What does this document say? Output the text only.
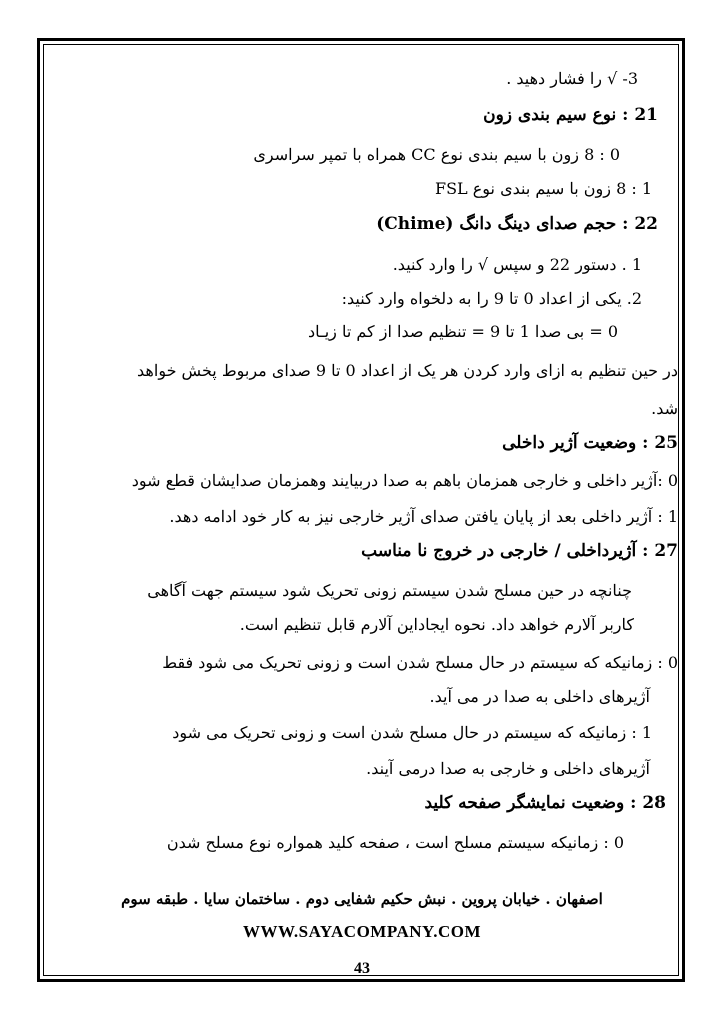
3- √ را فشار دهید .
21 : نوع سیم بندی زون
0 : 8 زون با سیم بندی نوع CC همراه با تمپر سراسری
1 : 8 زون با سیم بندی نوع FSL
22 : حجم صدای دینگ دانگ (Chime)
1 . دستور 22 و سپس √ را وارد کنید.
2. یکی از اعداد 0 تا 9 را به دلخواه وارد کنید:
0 = بی صدا 1 تا 9 = تنظیم صدا از کم تا زیـاد
در حین تنظیم به ازای وارد کردن هر یک از اعداد 0 تا 9 صدای مربوط پخش خواهد
شد.
25 : وضعیت آژیر داخلی
0 :آژیر داخلی و خارجی همزمان باهم به صدا دربیایند وهمزمان صدایشان قطع شود
1 : آژیر داخلی بعد از پایان یافتن صدای آژیر خارجی نیز به کار خود ادامه دهد.
27 : آژیرداخلی / خارجی در خروج نا مناسب
چنانچه در حین مسلح شدن سیستم زونی تحریک شود سیستم جهت آگاهی
کاربر آلارم خواهد داد. نحوه ایجاداین آلارم قابل تنظیم است.
0 : زمانیکه که سیستم در حال مسلح شدن است و زونی تحریک می شود فقط
آژیرهای داخلی به صدا در می آید.
1 : زمانیکه که سیستم در حال مسلح شدن است و زونی تحریک می شود
آژیرهای داخلی و خارجی به صدا درمی آیند.
28 : وضعیت نمایشگر صفحه کلید
0 : زمانیکه سیستم مسلح است ، صفحه کلید همواره نوع مسلح شدن
اصفهان . خیابان پروین . نبش حکیم شفایی دوم . ساختمان سایا . طبقه سوم
WWW.SAYACOMPANY.COM
43
